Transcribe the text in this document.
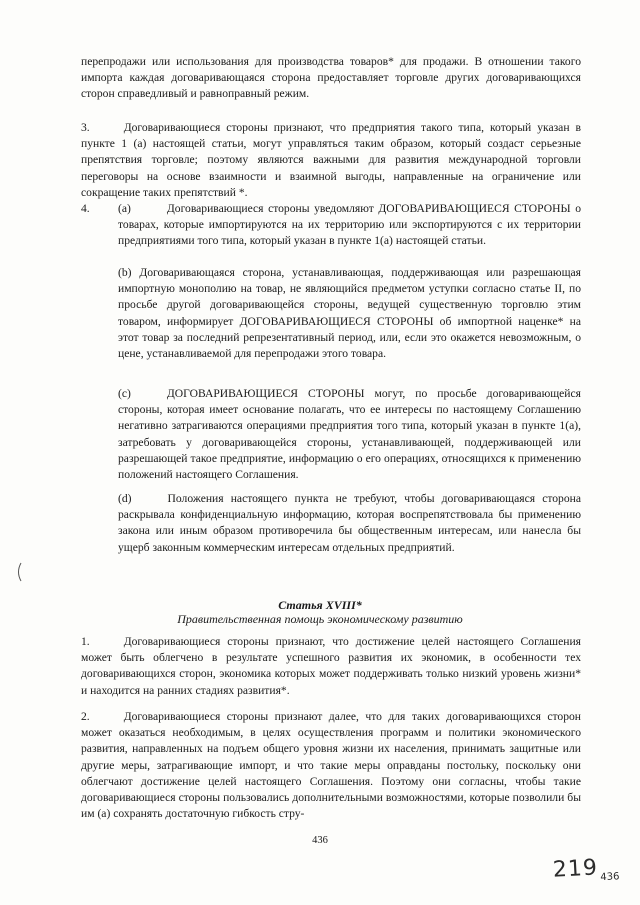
перепродажи или использования для производства товаров* для продажи. В отношении такого импорта каждая договаривающаяся сторона предоставляет торговле других договаривающихся сторон справедливый и равноправный режим.
3.	Договаривающиеся стороны признают, что предприятия такого типа, который указан в пункте 1 (а) настоящей статьи, могут управляться таким образом, который создаст серьезные препятствия торговле; поэтому являются важными для развития международной торговли переговоры на основе взаимности и взаимной выгоды, направленные на ограничение или сокращение таких препятствий *.
4. (а)	Договаривающиеся стороны уведомляют ДОГОВАРИВАЮЩИЕСЯ СТОРОНЫ о товарах, которые импортируются на их территорию или экспортируются с их территории предприятиями того типа, который указан в пункте 1(а) настоящей статьи.
(b) Договаривающаяся сторона, устанавливающая, поддерживающая или разрешающая импортную монополию на товар, не являющийся предметом уступки согласно статье II, по просьбе другой договаривающейся стороны, ведущей существенную торговлю этим товаром, информирует ДОГОВАРИВАЮЩИЕСЯ СТОРОНЫ об импортной наценке* на этот товар за последний репрезентативный период, или, если это окажется невозможным, о цене, устанавливаемой для перепродажи этого товара.
(с)	ДОГОВАРИВАЮЩИЕСЯ СТОРОНЫ могут, по просьбе договаривающейся стороны, которая имеет основание полагать, что ее интересы по настоящему Соглашению негативно затрагиваются операциями предприятия того типа, который указан в пункте 1(а), затребовать у договаривающейся стороны, устанавливающей, поддерживающей или разрешающей такое предприятие, информацию о его операциях, относящихся к применению положений настоящего Соглашения.
(d)	Положения настоящего пункта не требуют, чтобы договаривающаяся сторона раскрывала конфиденциальную информацию, которая воспрепятствовала бы применению закона или иным образом противоречила бы общественным интересам, или нанесла бы ущерб законным коммерческим интересам отдельных предприятий.
Статья XVIII*
Правительственная помощь экономическому развитию
1.	Договаривающиеся стороны признают, что достижение целей настоящего Соглашения может быть облегчено в результате успешного развития их экономик, в особенности тех договаривающихся сторон, экономика которых может поддерживать только низкий уровень жизни* и находится на ранних стадиях развития*.
2.	Договаривающиеся стороны признают далее, что для таких договаривающихся сторон может оказаться необходимым, в целях осуществления программ и политики экономического развития, направленных на подъем общего уровня жизни их населения, принимать защитные или другие меры, затрагивающие импорт, и что такие меры оправданы постольку, поскольку они облегчают достижение целей настоящего Соглашения. Поэтому они согласны, чтобы такие договаривающиеся стороны пользовались дополнительными возможностями, которые позволили бы им (а) сохранять достаточную гибкость стру-
436
219 $_{436}$
